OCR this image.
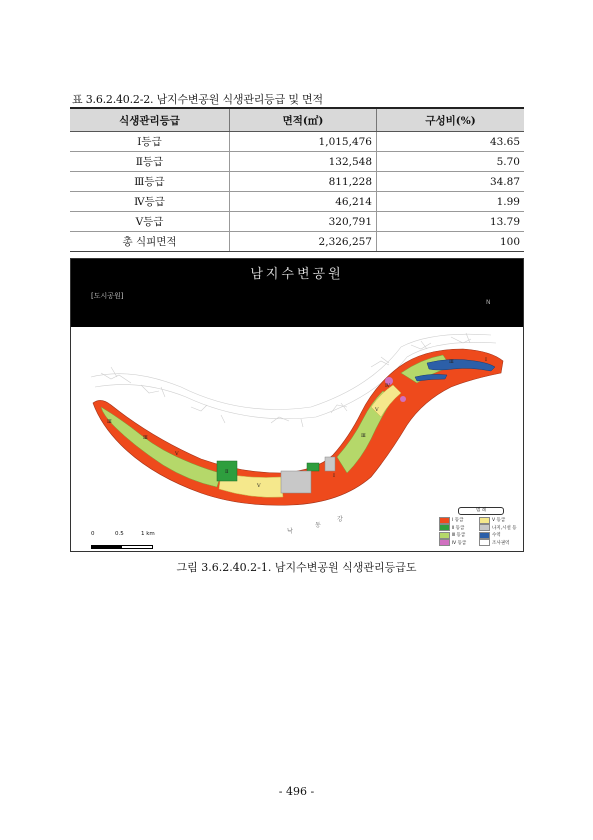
표 3.6.2.40.2-2. 남지수변공원 식생관리등급 및 면적
식생관리등급	면적(㎡)	구성비(%)
Ⅰ등급	1,015,476	43.65
Ⅱ등급	132,548	5.70
Ⅲ등급	811,228	34.87
Ⅳ등급	46,214	1.99
Ⅴ등급	320,791	13.79
총 식피면적	2,326,257	100
남지수변공원
[도시공원]
N
낙
동
강
Ⅲ
Ⅲ
Ⅴ
Ⅱ
Ⅴ
Ⅰ
Ⅲ
Ⅴ
Ⅳ
Ⅲ	Ⅰ
범 례
Ⅰ 등급	Ⅴ 등급
Ⅱ 등급	나지,시설 등
Ⅲ 등급	수역
Ⅳ 등급	조사권역
0	0.5	1 km
그림 3.6.2.40.2-1. 남지수변공원 식생관리등급도
- 496 -
